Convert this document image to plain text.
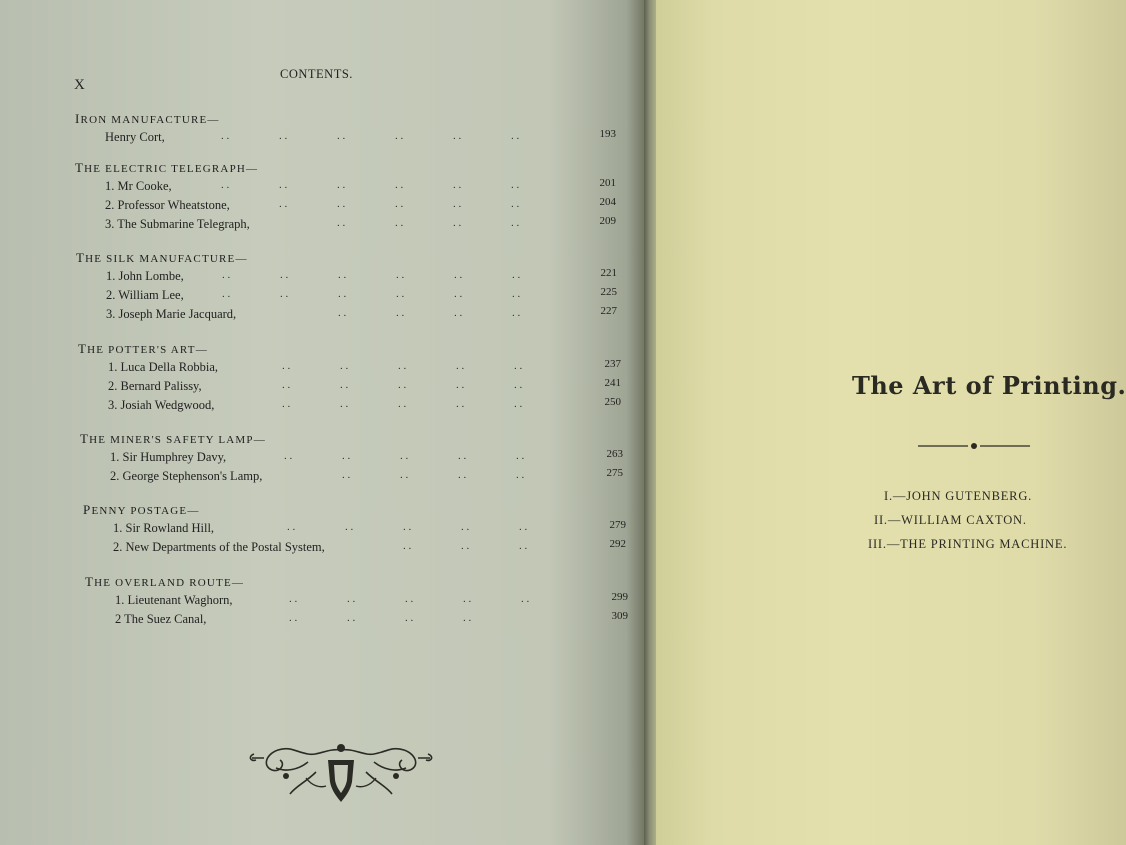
X
CONTENTS.
IRON MANUFACTURE—
Henry Cort,	. .	. .	. .	. .	. .	. .	193
THE ELECTRIC TELEGRAPH—
1. Mr Cooke,	. .	. .	. .	. .	. .	. .	201
2. Professor Wheatstone,	. .	. .	. .	. .	. .	204
3. The Submarine Telegraph,	. .	. .	. .	. .	209
THE SILK MANUFACTURE—
1. John Lombe,	. .	. .	. .	. .	. .	. .	221
2. William Lee,	. .	. .	. .	. .	. .	. .	225
3. Joseph Marie Jacquard,	. .	. .	. .	. .	227
THE POTTER'S ART—
1. Luca Della Robbia,	. .	. .	. .	. .	. .	237
2. Bernard Palissy,	. .	. .	. .	. .	. .	241
3. Josiah Wedgwood,	. .	. .	. .	. .	. .	250
THE MINER'S SAFETY LAMP—
1. Sir Humphrey Davy,	. .	. .	. .	. .	. .	263
2. George Stephenson's Lamp,	. .	. .	. .	. .	275
PENNY POSTAGE—
1. Sir Rowland Hill,	. .	. .	. .	. .	. .	279
2. New Departments of the Postal System,	. .	. .	. .	292
THE OVERLAND ROUTE—
1. Lieutenant Waghorn,	. .	. .	. .	. .	. .	299
2 The Suez Canal,	. .	. .	. .	. .	309
The Art of Printing.
I.—JOHN GUTENBERG.
II.—WILLIAM CAXTON.
III.—THE PRINTING MACHINE.
